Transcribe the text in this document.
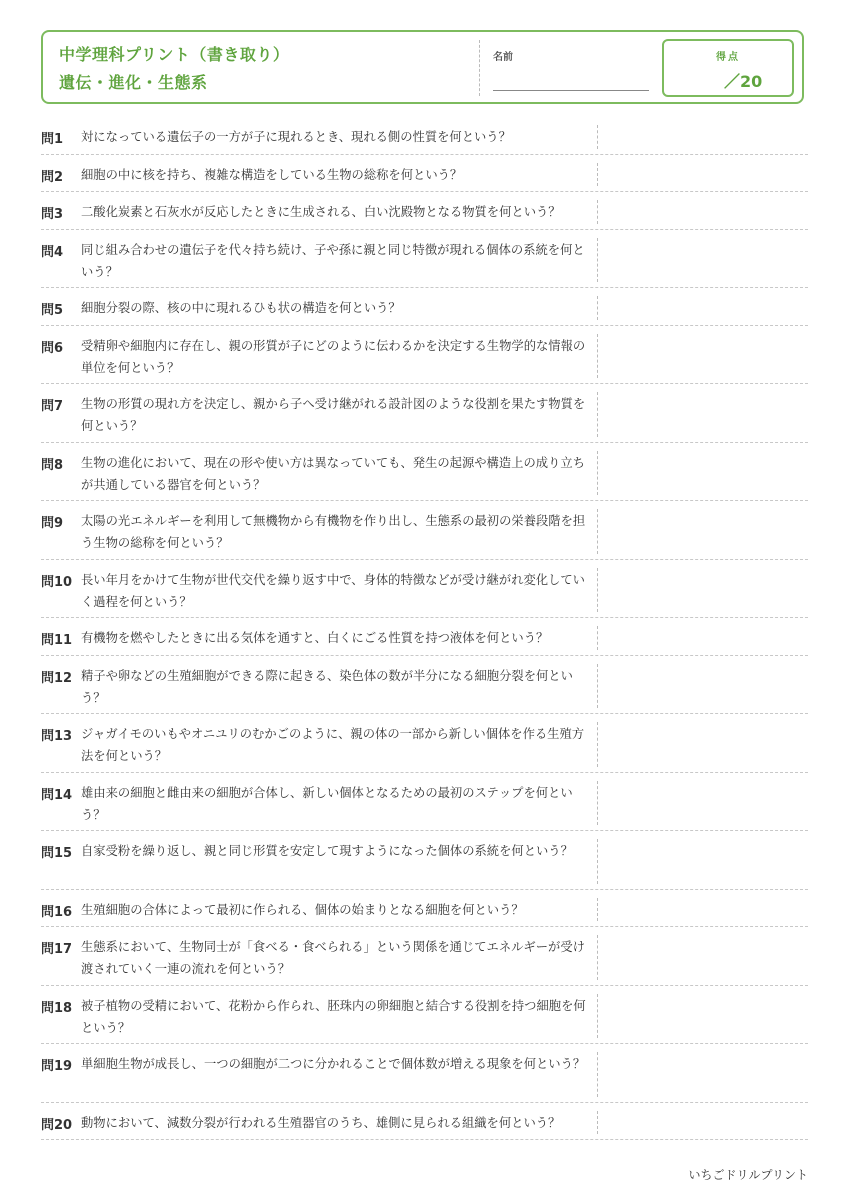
中学理科プリント（書き取り）
遺伝・進化・生態系
名前	得点
／20
問1 対になっている遺伝子の一方が子に現れるとき、現れる側の性質を何という？
問2 細胞の中に核を持ち、複雑な構造をしている生物の総称を何という？
問3 二酸化炭素と石灰水が反応したときに生成される、白い沈殿物となる物質を何という？
問4 同じ組み合わせの遺伝子を代々持ち続け、子や孫に親と同じ特徴が現れる個体の系統を何という？
問5 細胞分裂の際、核の中に現れるひも状の構造を何という？
問6 受精卵や細胞内に存在し、親の形質が子にどのように伝わるかを決定する生物学的な情報の単位を何という？
問7 生物の形質の現れ方を決定し、親から子へ受け継がれる設計図のような役割を果たす物質を何という？
問8 生物の進化において、現在の形や使い方は異なっていても、発生の起源や構造上の成り立ちが共通している器官を何という？
問9 太陽の光エネルギーを利用して無機物から有機物を作り出し、生態系の最初の栄養段階を担う生物の総称を何という？
問10 長い年月をかけて生物が世代交代を繰り返す中で、身体的特徴などが受け継がれ変化していく過程を何という？
問11 有機物を燃やしたときに出る気体を通すと、白くにごる性質を持つ液体を何という？
問12 精子や卵などの生殖細胞ができる際に起きる、染色体の数が半分になる細胞分裂を何という？
問13 ジャガイモのいもやオニユリのむかごのように、親の体の一部から新しい個体を作る生殖方法を何という？
問14 雄由来の細胞と雌由来の細胞が合体し、新しい個体となるための最初のステップを何という？
問15 自家受粉を繰り返し、親と同じ形質を安定して現すようになった個体の系統を何という？
問16 生殖細胞の合体によって最初に作られる、個体の始まりとなる細胞を何という？
問17 生態系において、生物同士が「食べる・食べられる」という関係を通じてエネルギーが受け渡されていく一連の流れを何という？
問18 被子植物の受精において、花粉から作られ、胚珠内の卵細胞と結合する役割を持つ細胞を何という？
問19 単細胞生物が成長し、一つの細胞が二つに分かれることで個体数が増える現象を何という？
問20 動物において、減数分裂が行われる生殖器官のうち、雄側に見られる組織を何という？
いちごドリルプリント
